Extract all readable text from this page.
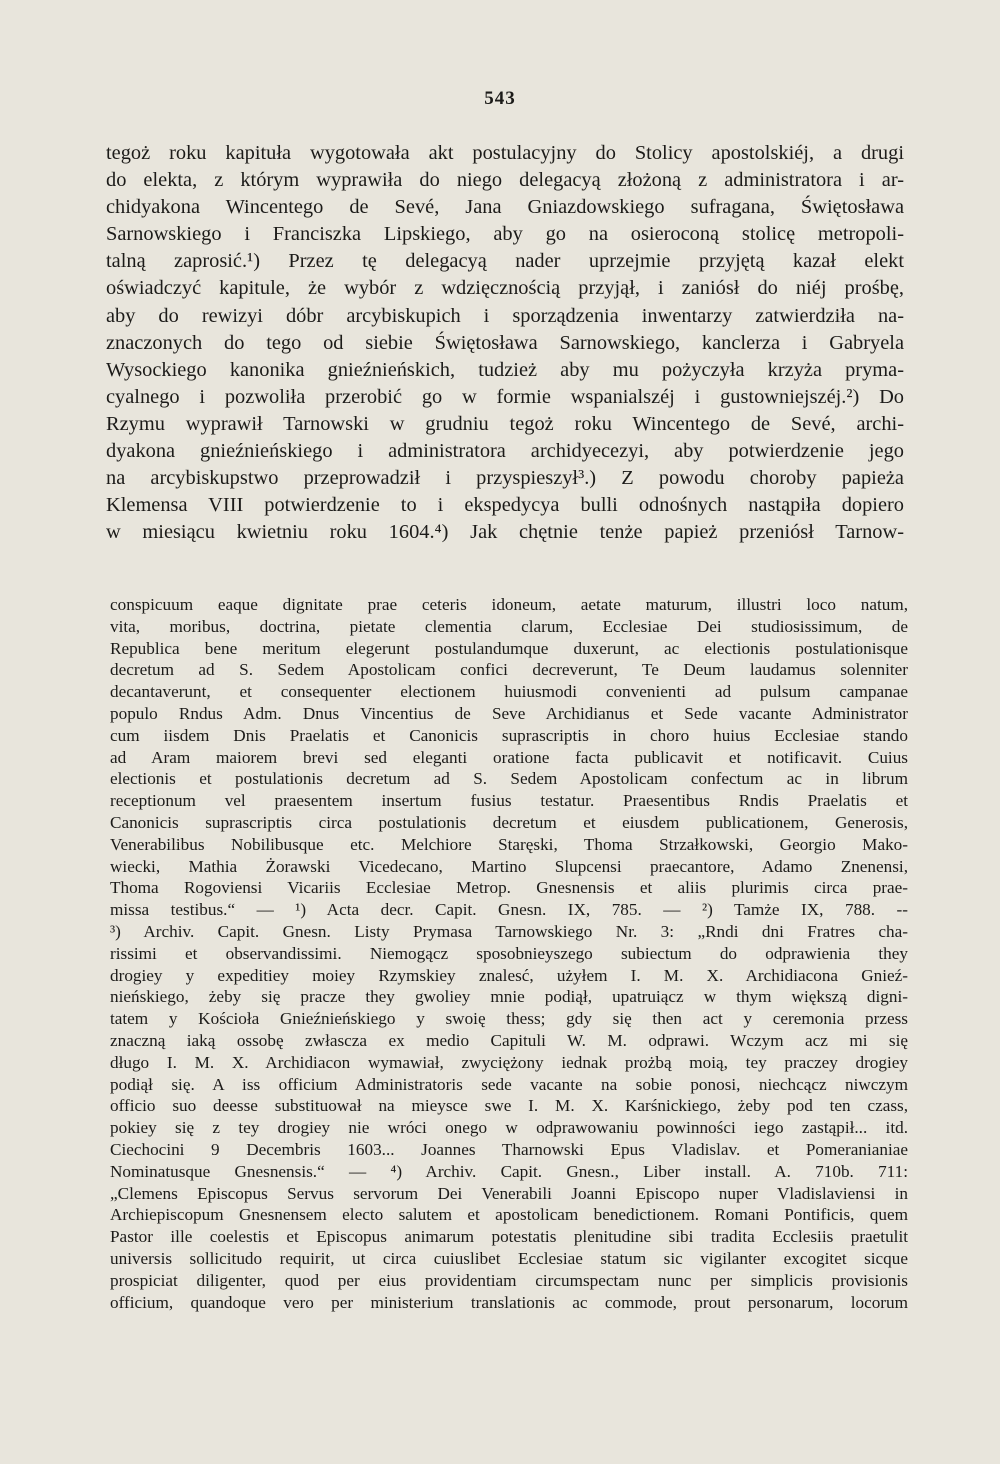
543
tegoż roku kapituła wygotowała akt postulacyjny do Stolicy apostolskiéj, a drugi
do elekta, z którym wyprawiła do niego delegacyą złożoną z administratora i ar-
chidyakona Wincentego de Sevé, Jana Gniazdowskiego sufragana, Świętosława
Sarnowskiego i Franciszka Lipskiego, aby go na osieroconą stolicę metropoli-
talną zaprosić.¹) Przez tę delegacyą nader uprzejmie przyjętą kazał elekt
oświadczyć kapitule, że wybór z wdzięcznością przyjął, i zaniósł do niéj prośbę,
aby do rewizyi dóbr arcybiskupich i sporządzenia inwentarzy zatwierdziła na-
znaczonych do tego od siebie Świętosława Sarnowskiego, kanclerza i Gabryela
Wysockiego kanonika gnieźnieńskich, tudzież aby mu pożyczyła krzyża pryma-
cyalnego i pozwoliła przerobić go w formie wspanialszéj i gustowniejszéj.²) Do
Rzymu wyprawił Tarnowski w grudniu tegoż roku Wincentego de Sevé, archi-
dyakona gnieźnieńskiego i administratora archidyecezyi, aby potwierdzenie jego
na arcybiskupstwo przeprowadził i przyspieszył³.) Z powodu choroby papieża
Klemensa VIII potwierdzenie to i ekspedycya bulli odnośnych nastąpiła dopiero
w miesiącu kwietniu roku 1604.⁴) Jak chętnie tenże papież przeniósł Tarnow-
conspicuum eaque dignitate prae ceteris idoneum, aetate maturum, illustri loco natum,
vita, moribus, doctrina, pietate clementia clarum, Ecclesiae Dei studiosissimum, de
Republica bene meritum elegerunt postulandumque duxerunt, ac electionis postulationisque
decretum ad S. Sedem Apostolicam confici decreverunt, Te Deum laudamus solenniter
decantaverunt, et consequenter electionem huiusmodi convenienti ad pulsum campanae
populo Rndus Adm. Dnus Vincentius de Seve Archidianus et Sede vacante Administrator
cum iisdem Dnis Praelatis et Canonicis suprascriptis in choro huius Ecclesiae stando
ad Aram maiorem brevi sed eleganti oratione facta publicavit et notificavit. Cuius
electionis et postulationis decretum ad S. Sedem Apostolicam confectum ac in librum
receptionum vel praesentem insertum fusius testatur. Praesentibus Rndis Praelatis et
Canonicis suprascriptis circa postulationis decretum et eiusdem publicationem, Generosis,
Venerabilibus Nobilibusque etc. Melchiore Staręski, Thoma Strzałkowski, Georgio Mako-
wiecki, Mathia Żorawski Vicedecano, Martino Slupcensi praecantore, Adamo Znenensi,
Thoma Rogoviensi Vicariis Ecclesiae Metrop. Gnesnensis et aliis plurimis circa prae-
missa testibus.“ — ¹) Acta decr. Capit. Gnesn. IX, 785. — ²) Tamże IX, 788. --
³) Archiv. Capit. Gnesn. Listy Prymasa Tarnowskiego Nr. 3: „Rndi dni Fratres cha-
rissimi et observandissimi. Niemogącz sposobnieyszego subiectum do odprawienia they
drogiey y expeditiey moiey Rzymskiey znalesć, użyłem I. M. X. Archidiacona Gnieź-
nieńskiego, żeby się pracze they gwoliey mnie podiął, upatruiącz w thym większą digni-
tatem y Kościoła Gnieźnieńskiego y swoię thess; gdy się then act y ceremonia przess
znaczną iaką ossobę zwłascza ex medio Capituli W. M. odprawi. Wczym acz mi się
długo I. M. X. Archidiacon wymawiał, zwyciężony iednak prożbą moią, tey praczey drogiey
podiął się. A iss officium Administratoris sede vacante na sobie ponosi, niechcącz niwczym
officio suo deesse substituował na mieysce swe I. M. X. Karśnickiego, żeby pod ten czass,
pokiey się z tey drogiey nie wróci onego w odprawowaniu powinności iego zastąpił... itd.
Ciechocini 9 Decembris 1603... Joannes Tharnowski Epus Vladislav. et Pomeranianiae
Nominatusque Gnesnensis.“ — ⁴) Archiv. Capit. Gnesn., Liber install. A. 710b. 711:
„Clemens Episcopus Servus servorum Dei Venerabili Joanni Episcopo nuper Vladislaviensi in
Archiepiscopum Gnesnensem electo salutem et apostolicam benedictionem. Romani Pontificis, quem
Pastor ille coelestis et Episcopus animarum potestatis plenitudine sibi tradita Ecclesiis praetulit
universis sollicitudo requirit, ut circa cuiuslibet Ecclesiae statum sic vigilanter excogitet sicque
prospiciat diligenter, quod per eius providentiam circumspectam nunc per simplicis provisionis
officium, quandoque vero per ministerium translationis ac commode, prout personarum, locorum
